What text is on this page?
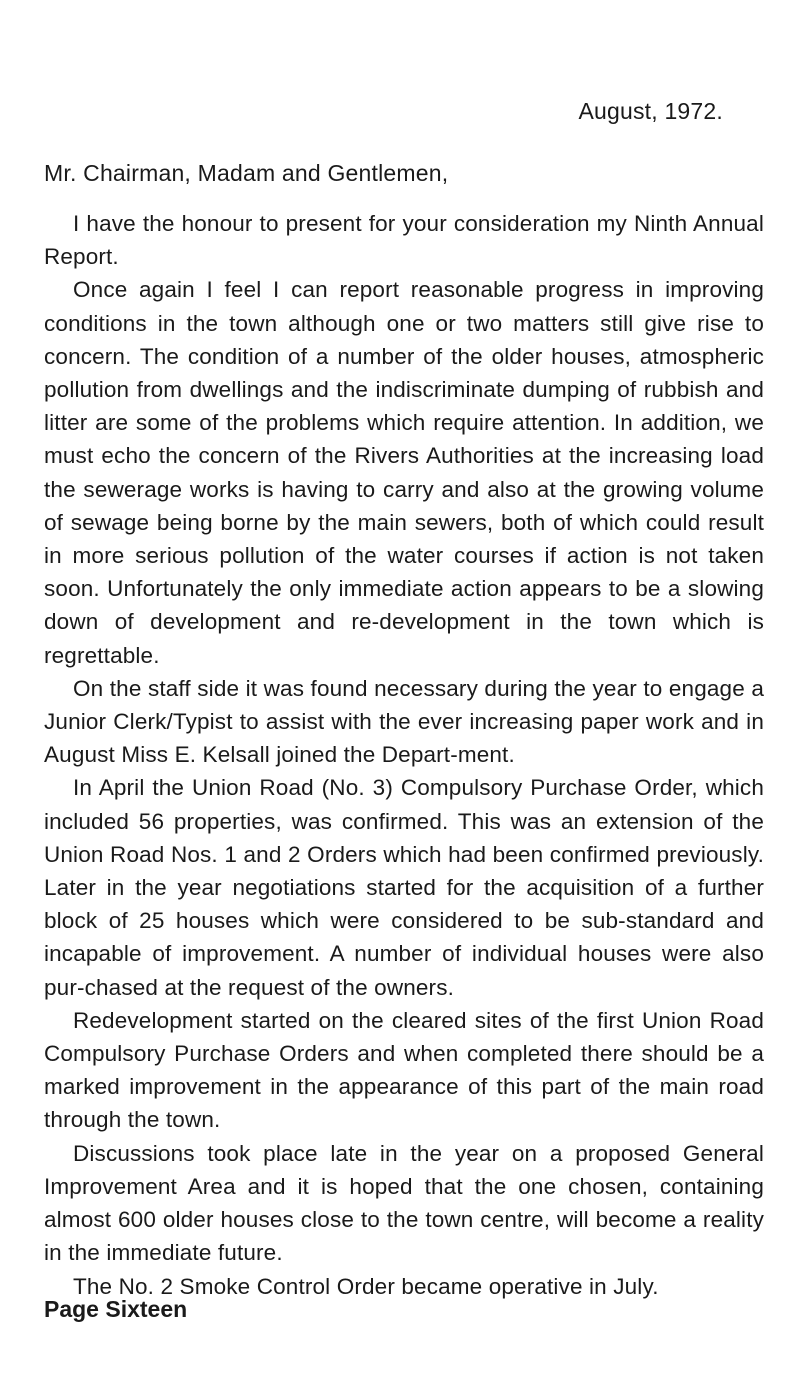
August, 1972.
Mr. Chairman, Madam and Gentlemen,

I have the honour to present for your consideration my Ninth Annual Report.

Once again I feel I can report reasonable progress in improving conditions in the town although one or two matters still give rise to concern. The condition of a number of the older houses, atmospheric pollution from dwellings and the indiscriminate dumping of rubbish and litter are some of the problems which require attention. In addition, we must echo the concern of the Rivers Authorities at the increasing load the sewerage works is having to carry and also at the growing volume of sewage being borne by the main sewers, both of which could result in more serious pollution of the water courses if action is not taken soon. Unfortunately the only immediate action appears to be a slowing down of development and re-development in the town which is regrettable.

On the staff side it was found necessary during the year to engage a Junior Clerk/Typist to assist with the ever increasing paper work and in August Miss E. Kelsall joined the Depart-ment.

In April the Union Road (No. 3) Compulsory Purchase Order, which included 56 properties, was confirmed. This was an extension of the Union Road Nos. 1 and 2 Orders which had been confirmed previously. Later in the year negotiations started for the acquisition of a further block of 25 houses which were considered to be sub-standard and incapable of improvement. A number of individual houses were also pur-chased at the request of the owners.

Redevelopment started on the cleared sites of the first Union Road Compulsory Purchase Orders and when completed there should be a marked improvement in the appearance of this part of the main road through the town.

Discussions took place late in the year on a proposed General Improvement Area and it is hoped that the one chosen, containing almost 600 older houses close to the town centre, will become a reality in the immediate future.

The No. 2 Smoke Control Order became operative in July.

Page Sixteen
